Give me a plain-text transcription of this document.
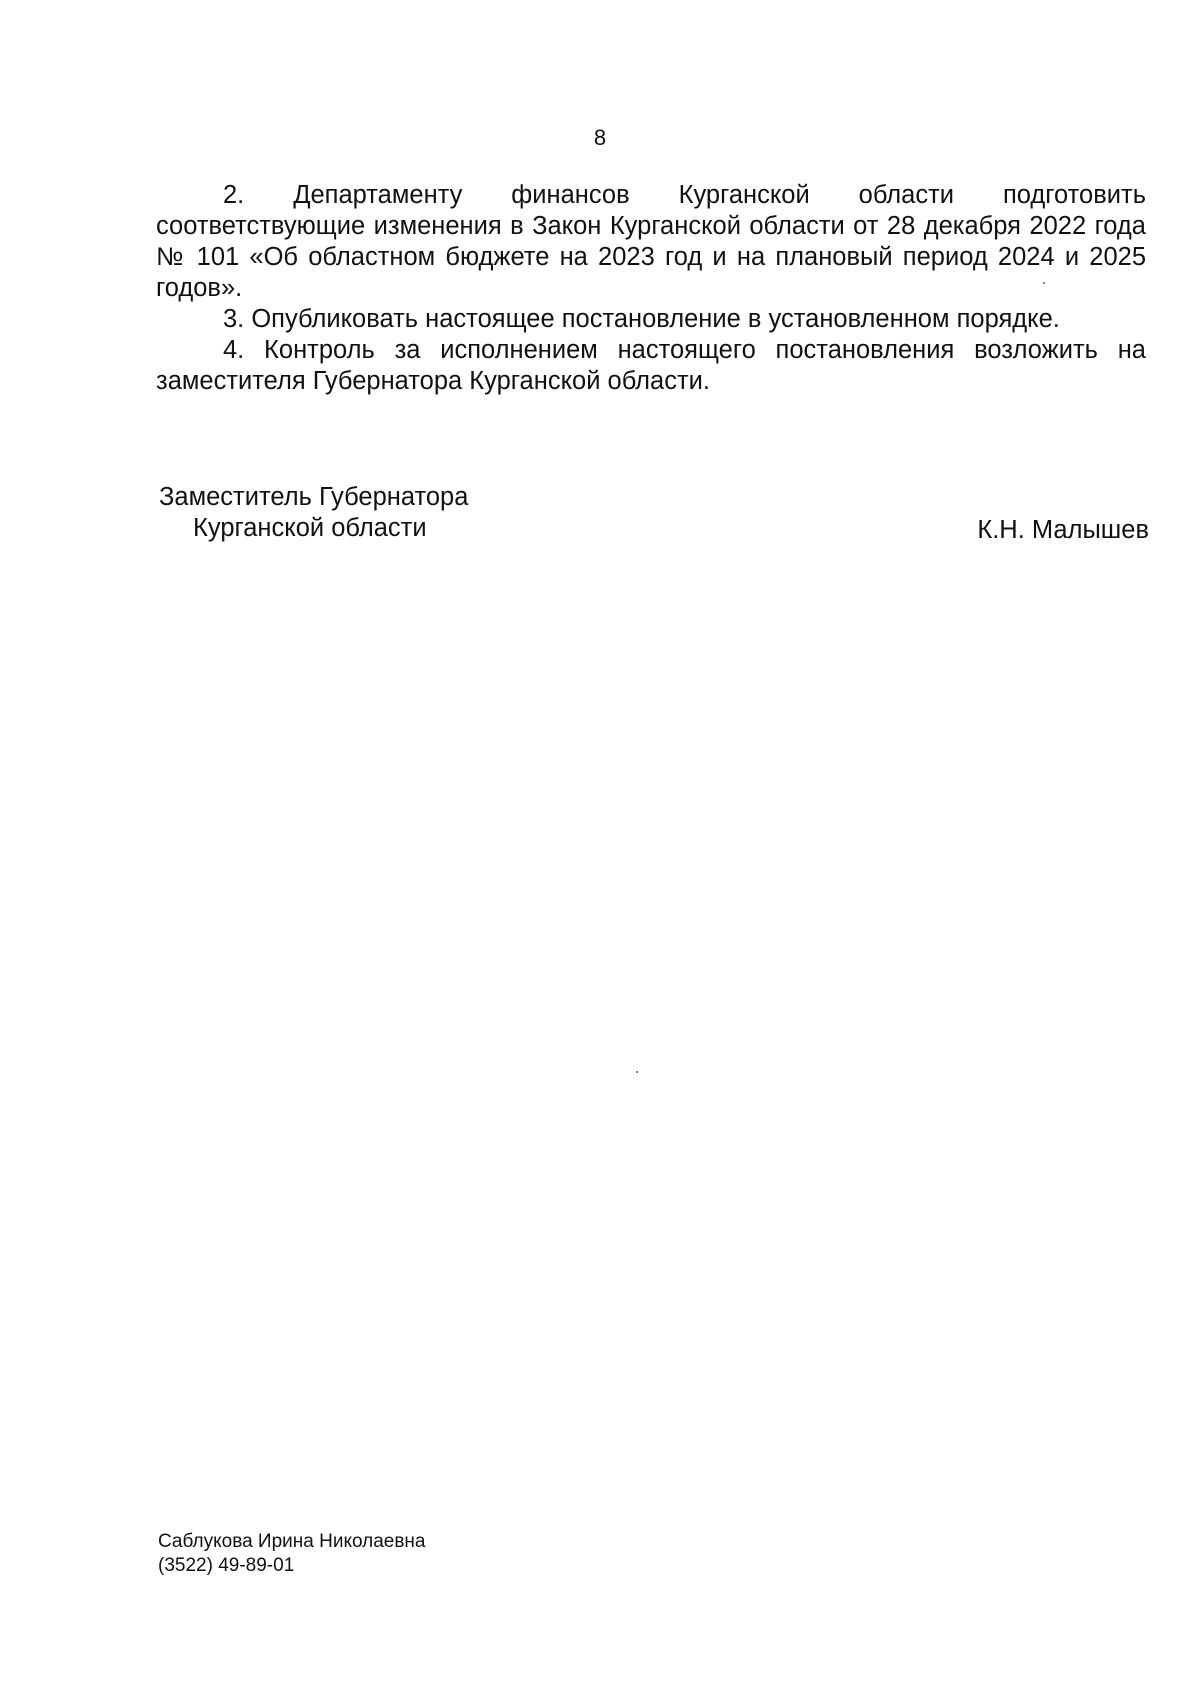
8

2. Департаменту финансов Курганской области подготовить соответствующие изменения в Закон Курганской области от 28 декабря 2022 года № 101 «Об областном бюджете на 2023 год и на плановый период 2024 и 2025 годов».

3. Опубликовать настоящее постановление в установленном порядке.

4. Контроль за исполнением настоящего постановления возложить на заместителя Губернатора Курганской области.

Заместитель Губернатора
Курганской области	К.Н. Малышев
Саблукова Ирина Николаевна
(3522) 49-89-01
